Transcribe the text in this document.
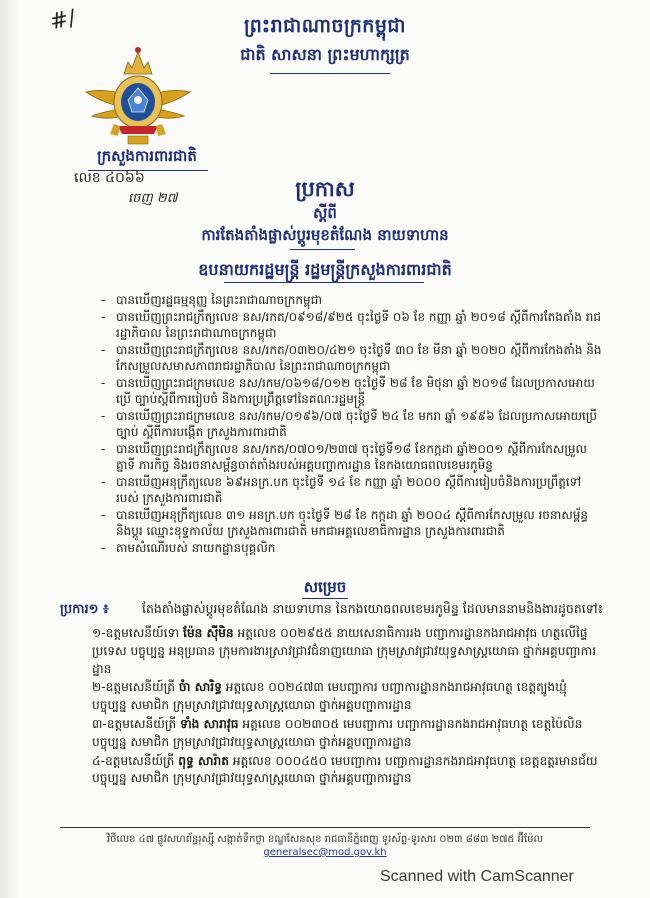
#/	ព្រះរាជាណាចក្រកម្ពុជា
ជាតិ សាសនា ព្រះមហាក្សត្រ
ក្រសួងការពារជាតិ
លេខ ៤០៦៦
ចេញ ២៧	ប្រកាស
ស្តីពី
ការតែងតាំងផ្លាស់ប្តូរមុខតំណែង នាយទាហាន
ឧបនាយករដ្ឋមន្ត្រី រដ្ឋមន្ត្រីក្រសួងការពារជាតិ
- បានឃើញរដ្ឋធម្មនុញ្ញ នៃព្រះរាជាណាចក្រកម្ពុជា
- បានឃើញព្រះរាជក្រឹត្យលេខ នស/រកត/០៩១៨/៩២៥ ចុះថ្ងៃទី ០៦ ខែ កញ្ញា ឆ្នាំ ២០១៨ ស្តីពីការតែងតាំង រាជរដ្ឋាភិបាល នៃព្រះរាជាណាចក្រកម្ពុជា
- បានឃើញព្រះរាជក្រឹត្យលេខ នស/រកត/០៣២០/៤២១ ចុះថ្ងៃទី ៣០ ខែ មីនា ឆ្នាំ ២០២០ ស្តីពីការកែងតាំង និង កែសម្រួលសមាសភាពរាជរដ្ឋាភិបាល នៃព្រះរាជាណាចក្រកម្ពុជា
- បានឃើញព្រះរាជក្រមលេខ នស/រកម/០៦១៨/០១២ ចុះថ្ងៃទី ២៨ ខែ មិថុនា ឆ្នាំ ២០១៨ ដែលប្រកាសអោយប្រើ ច្បាប់ស្តីពីការរៀបចំ និងការប្រព្រឹត្តទៅនៃគណៈរដ្ឋមន្ត្រី
- បានឃើញព្រះរាជក្រមលេខ នស/រកម/០១៩៦/០៧ ចុះថ្ងៃទី ២៤ ខែ មករា ឆ្នាំ ១៩៩៦ ដែលប្រកាសអោយប្រើច្បាប់ ស្តីពីការបង្កើត ក្រសួងការពារជាតិ
- បានឃើញព្រះរាជក្រឹត្យលេខ នស/រកត/០៧០១/២៣៧ ចុះថ្ងៃទី១៨ ខែកក្កដា ឆ្នាំ២០០១ ស្តីពីការកែសម្រួលគ្នាទី ភារកិច្ច និងរចនាសម្ព័ន្ធចាត់តាំងរបស់អគ្គបញ្ជាការដ្ឋាន នៃកងយោធពលខេមរភូមិន្ទ
- បានឃើញអនុក្រឹត្យលេខ ៦៩អនក្រ.បក ចុះថ្ងៃទី ១៤ ខែ កញ្ញា ឆ្នាំ ២០០០ ស្តីពីការរៀបចំនិងការប្រព្រឹត្តទៅរបស់ ក្រសួងការពារជាតិ
- បានឃើញអនុក្រឹត្យលេខ ៣១ អនក្រ.បក ចុះថ្ងៃទី ២៨ ខែ កក្កដា ឆ្នាំ ២០០៤ ស្តីពីការកែសម្រួល រចនាសម្ព័ន្ធ និងប្តូរ ឈ្មោះខុទ្ទកាល័យ ក្រសួងការពារជាតិ មកជាអគ្គលេខាធិការដ្ឋាន ក្រសួងការពារជាតិ
- តាមសំណើរបស់ នាយកដ្ឋានបុគ្គលិក
សម្រេច
ប្រការ១ ៖	តែងតាំងផ្លាស់ប្តូរមុខតំណែង នាយទាហាន នៃកងយោធពលខេមរភូមិន្ទ ដែលមាននាមនិងងារដូចតទៅ៖
១-ឧត្តមសេនីយ៍ទោ ម៉ែន ស៊ីមិន អត្តលេខ ០០២៩៥៥ នាយសេនាធិការរង បញ្ជាការដ្ឋានកងរាជអាវុធ ហត្ថលើផ្ទៃប្រទេស បច្ចុប្បន្ន អនុប្រធាន ក្រុមការងារស្រាវជ្រាវជំនាញយោធា ក្រុមស្រាវជ្រាវយុទ្ធសាស្ត្រយោធា ថ្នាក់អគ្គបញ្ជាការដ្ឋាន
២-ឧត្តមសេនីយ៍ត្រី ចំា សារិទ្ធ អត្តលេខ ០០២៤៧៣ មេបញ្ជាការ បញ្ជាការដ្ឋានកងរាជអាវុធហត្ថ ខេត្តត្បូងឃ្មុំ បច្ចុប្បន្ន សមាជិក ក្រុមស្រាវជ្រាវយុទ្ធសាស្ត្រយោធា ថ្នាក់អគ្គបញ្ជាការដ្ឋាន
៣-ឧត្តមសេនីយ៍ត្រី ទាំង សារាវុធ អត្តលេខ ០០២៣០៥ មេបញ្ជាការ បញ្ជាការដ្ឋានកងរាជអាវុធហត្ថ ខេត្តប៉ៃលិន បច្ចុប្បន្ន សមាជិក ក្រុមស្រាវជ្រាវយុទ្ធសាស្ត្រយោធា ថ្នាក់អគ្គបញ្ជាការដ្ឋាន
៤-ឧត្តមសេនីយ៍ត្រី ពុទ្ធ សារ៉ាត អត្តលេខ ០០០៤៥០ មេបញ្ជាការ បញ្ជាការដ្ឋានកងរាជអាវុធហត្ថ ខេត្តឧត្តរមានជ័យ បច្ចុប្បន្ន សមាជិក ក្រុមស្រាវជ្រាវយុទ្ធសាស្ត្រយោធា ថ្នាក់អគ្គបញ្ជាការដ្ឋាន
វិថីលេខ ៤៧ ផ្លូវសហព័ន្ធរុស្ស៊ី សង្កាត់ទឹកថ្លា ខណ្ឌសែនសុខ រាជធានីភ្នំពេញ ទូរស័ព្ទ-ទូរសារ ០២៣ ៨៨៣ ២៧៥ អ៊ីម៉ែល generalsec@mod.gov.kh
Scanned with CamScanner
